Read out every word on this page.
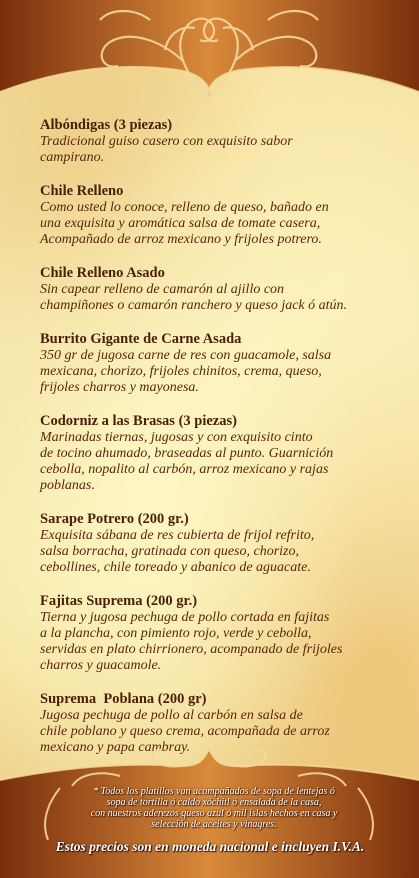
Albóndigas (3 piezas)
Tradicional guiso casero con exquisito sabor
campirano.
Chile Relleno
Como usted lo conoce, relleno de queso, bañado en
una exquisita y aromática salsa de tomate casera,
Acompañado de arroz mexicano y frijoles potrero.
Chile Relleno Asado
Sin capear relleno de camarón al ajillo con
champiñones o camarón ranchero y queso jack ó atún.
Burrito Gigante de Carne Asada
350 gr de jugosa carne de res con guacamole, salsa
mexicana, chorizo, frijoles chinitos, crema, queso,
frijoles charros y mayonesa.
Codorniz a las Brasas (3 piezas)
Marinadas tiernas, jugosas y con exquisito cinto
de tocino ahumado, braseadas al punto. Guarnición
cebolla, nopalito al carbón, arroz mexicano y rajas
poblanas.
Sarape Potrero (200 gr.)
Exquisita sábana de res cubierta de frijol refrito,
salsa borracha, gratinada con queso, chorizo,
cebollines, chile toreado y abanico de aguacate.
Fajitas Suprema (200 gr.)
Tierna y jugosa pechuga de pollo cortada en fajitas
a la plancha, con pimiento rojo, verde y cebolla,
servidas en plato chirrionero, acompanado de frijoles
charros y guacamole.
Suprema  Poblana (200 gr)
Jugosa pechuga de pollo al carbón en salsa de
chile poblano y queso crema, acompañada de arroz
mexicano y papa cambray.
* Todos los platillos van acompañados de sopa de lentejas ó
sopa de tortilla ó caldo xóchitl ó ensalada de la casa,
con nuestros aderezos queso azul ó mil islas hechos en casa y
selección de aceites y vinagres.
Estos precios son en moneda nacional e incluyen I.V.A.
